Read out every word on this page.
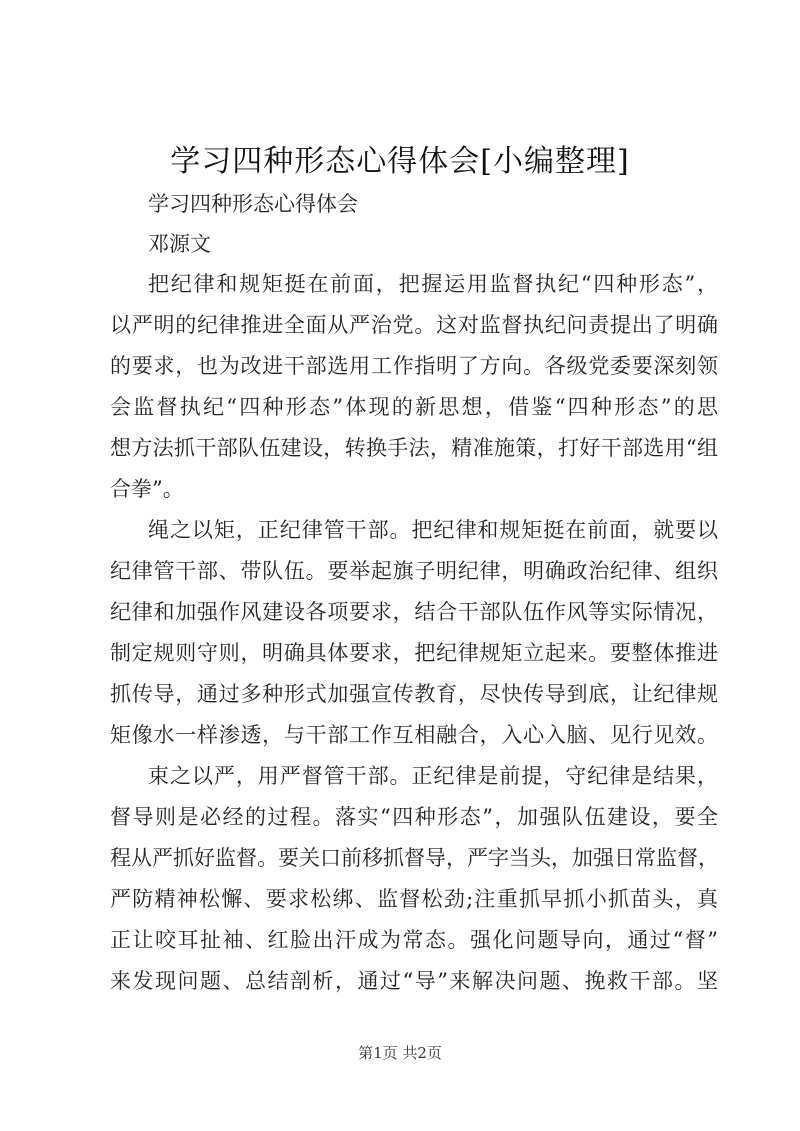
学习四种形态心得体会[小编整理]
学习四种形态心得体会
邓源文
把纪律和规矩挺在前面，把握运用监督执纪“四种形态”，
以严明的纪律推进全面从严治党。这对监督执纪问责提出了明确
的要求，也为改进干部选用工作指明了方向。各级党委要深刻领
会监督执纪“四种形态”体现的新思想，借鉴“四种形态”的思
想方法抓干部队伍建设，转换手法，精准施策，打好干部选用“组
合拳”。
绳之以矩，正纪律管干部。把纪律和规矩挺在前面，就要以
纪律管干部、带队伍。要举起旗子明纪律，明确政治纪律、组织
纪律和加强作风建设各项要求，结合干部队伍作风等实际情况，
制定规则守则，明确具体要求，把纪律规矩立起来。要整体推进
抓传导，通过多种形式加强宣传教育，尽快传导到底，让纪律规
矩像水一样渗透，与干部工作互相融合，入心入脑、见行见效。
束之以严，用严督管干部。正纪律是前提，守纪律是结果，
督导则是必经的过程。落实“四种形态”，加强队伍建设，要全
程从严抓好监督。要关口前移抓督导，严字当头，加强日常监督，
严防精神松懈、要求松绑、监督松劲;注重抓早抓小抓苗头，真
正让咬耳扯袖、红脸出汗成为常态。强化问题导向，通过“督”
来发现问题、总结剖析，通过“导”来解决问题、挽救干部。坚
第1页 共2页
